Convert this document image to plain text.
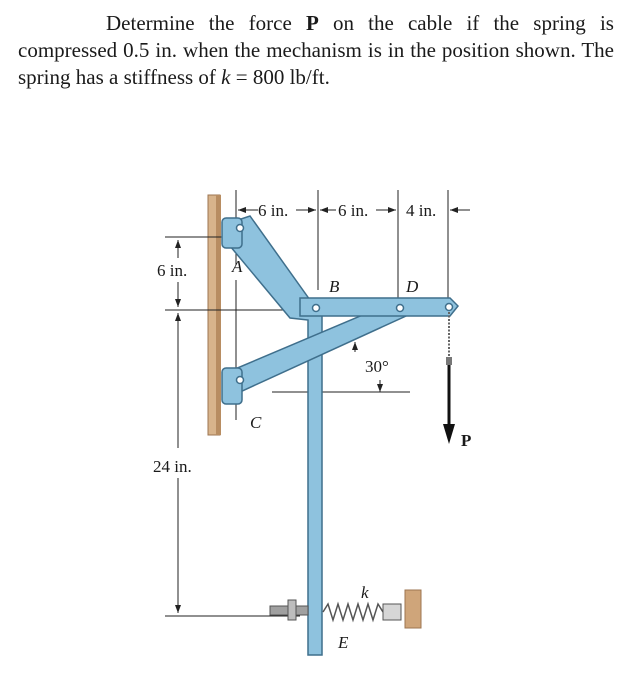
Determine the force P on the cable if the spring is compressed 0.5 in. when the mechanism is in the position shown. The spring has a stiffness of k = 800 lb/ft.

6 in.	6 in. 4 in.
6 in.
24 in.
A
B
C
D
E
k
P
30°
